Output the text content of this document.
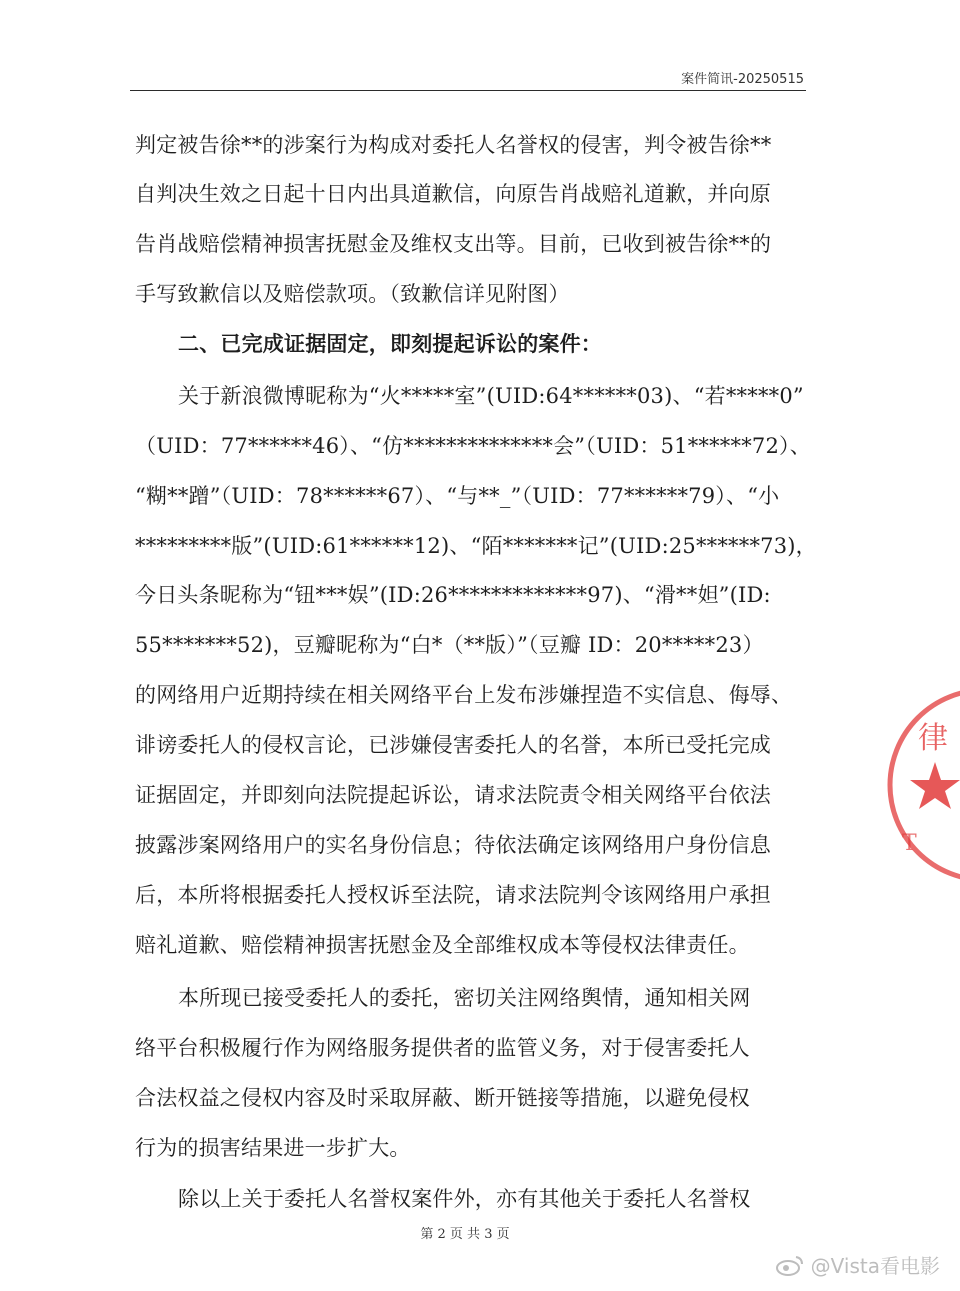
案件简讯-20250515
判定被告徐**的涉案行为构成对委托人名誉权的侵害，判令被告徐**
自判决生效之日起十日内出具道歉信，向原告肖战赔礼道歉，并向原
告肖战赔偿精神损害抚慰金及维权支出等。目前，已收到被告徐**的
手写致歉信以及赔偿款项。（致歉信详见附图）
二、已完成证据固定，即刻提起诉讼的案件：
关于新浪微博昵称为“火*****室”(UID:64******03)、“若*****0”
（UID：77******46）、“仿**************会”（UID：51******72）、
“糊**蹭”（UID：78******67）、“与**_”（UID：77******79）、“小
*********版”(UID:61******12)、“陌*******记”(UID:25******73)，
今日头条昵称为“钮***娱”(ID:26*************97)、“滑**妲”(ID:
55*******52)，豆瓣昵称为“白*（**版）”（豆瓣 ID：20*****23）
的网络用户近期持续在相关网络平台上发布涉嫌捏造不实信息、侮辱、
诽谤委托人的侵权言论，已涉嫌侵害委托人的名誉，本所已受托完成
证据固定，并即刻向法院提起诉讼，请求法院责令相关网络平台依法
披露涉案网络用户的实名身份信息；待依法确定该网络用户身份信息
后，本所将根据委托人授权诉至法院，请求法院判令该网络用户承担
赔礼道歉、赔偿精神损害抚慰金及全部维权成本等侵权法律责任。
本所现已接受委托人的委托，密切关注网络舆情，通知相关网
络平台积极履行作为网络服务提供者的监管义务，对于侵害委托人
合法权益之侵权内容及时采取屏蔽、断开链接等措施，以避免侵权
行为的损害结果进一步扩大。
除以上关于委托人名誉权案件外，亦有其他关于委托人名誉权
第 2 页 共 3 页
律
T
@Vista看电影
